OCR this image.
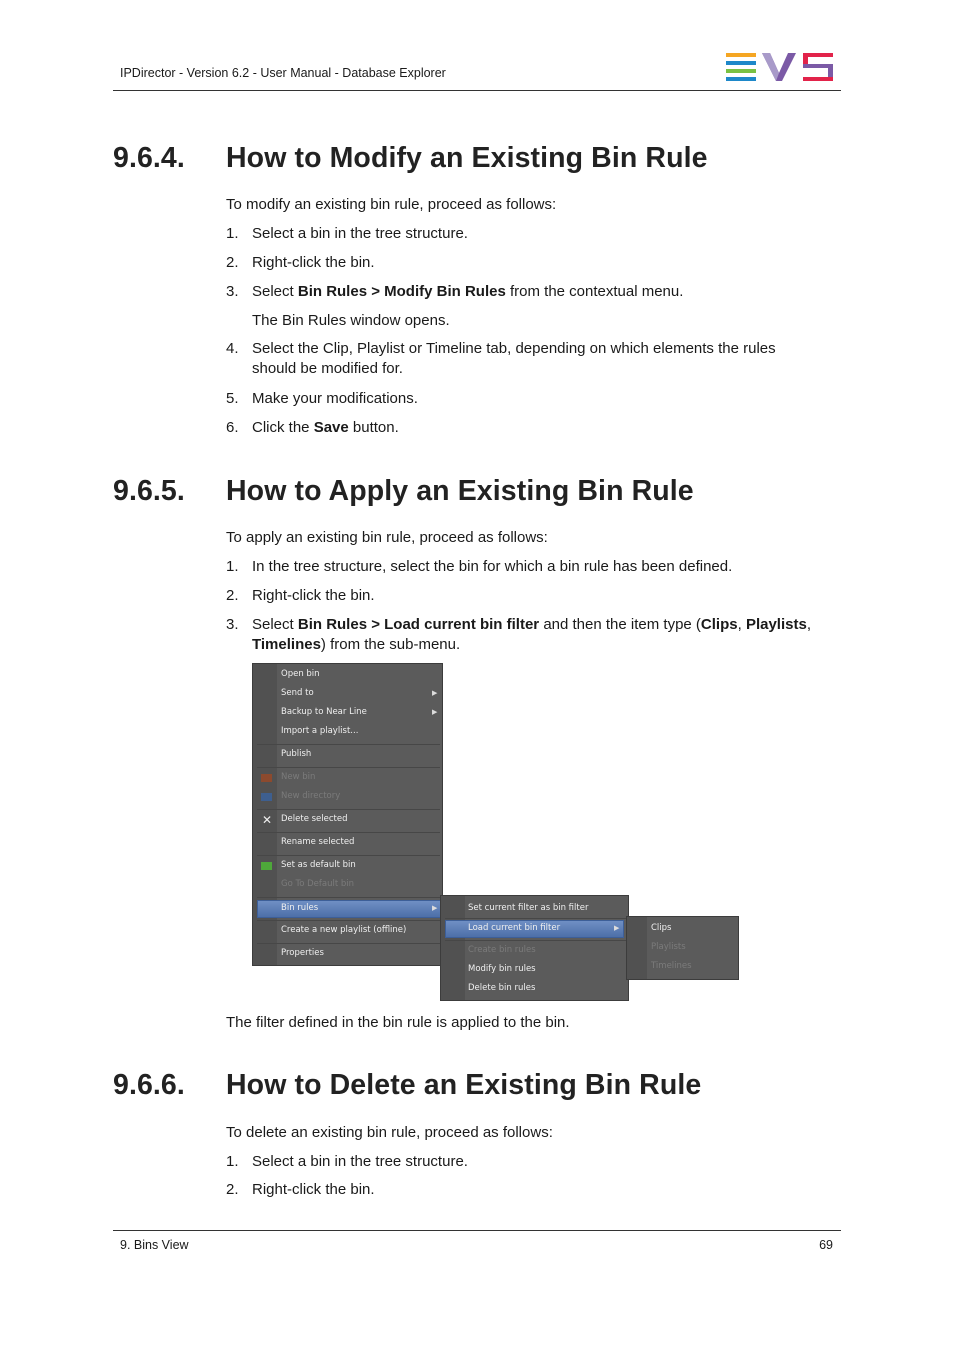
IPDirector - Version 6.2 - User Manual - Database Explorer
9.6.4. How to Modify an Existing Bin Rule
To modify an existing bin rule, proceed as follows:
1. Select a bin in the tree structure.
2. Right-click the bin.
3. Select Bin Rules > Modify Bin Rules from the contextual menu.
The Bin Rules window opens.
4. Select the Clip, Playlist or Timeline tab, depending on which elements the rules should be modified for.
5. Make your modifications.
6. Click the Save button.
9.6.5. How to Apply an Existing Bin Rule
To apply an existing bin rule, proceed as follows:
1. In the tree structure, select the bin for which a bin rule has been defined.
2. Right-click the bin.
3. Select Bin Rules > Load current bin filter and then the item type (Clips, Playlists, Timelines) from the sub-menu.
Open bin
Send to	▶
Backup to Near Line	▶
Import a playlist...
Publish
New bin
New directory
✕ Delete selected
Rename selected
Set as default bin
Go To Default bin
Bin rules	▶
Create a new playlist (offline)
Properties
Set current filter as bin filter
Load current bin filter	▶
Create bin rules
Modify bin rules
Delete bin rules
Clips
Playlists
Timelines
The filter defined in the bin rule is applied to the bin.
9.6.6. How to Delete an Existing Bin Rule
To delete an existing bin rule, proceed as follows:
1. Select a bin in the tree structure.
2. Right-click the bin.
9. Bins View	69
